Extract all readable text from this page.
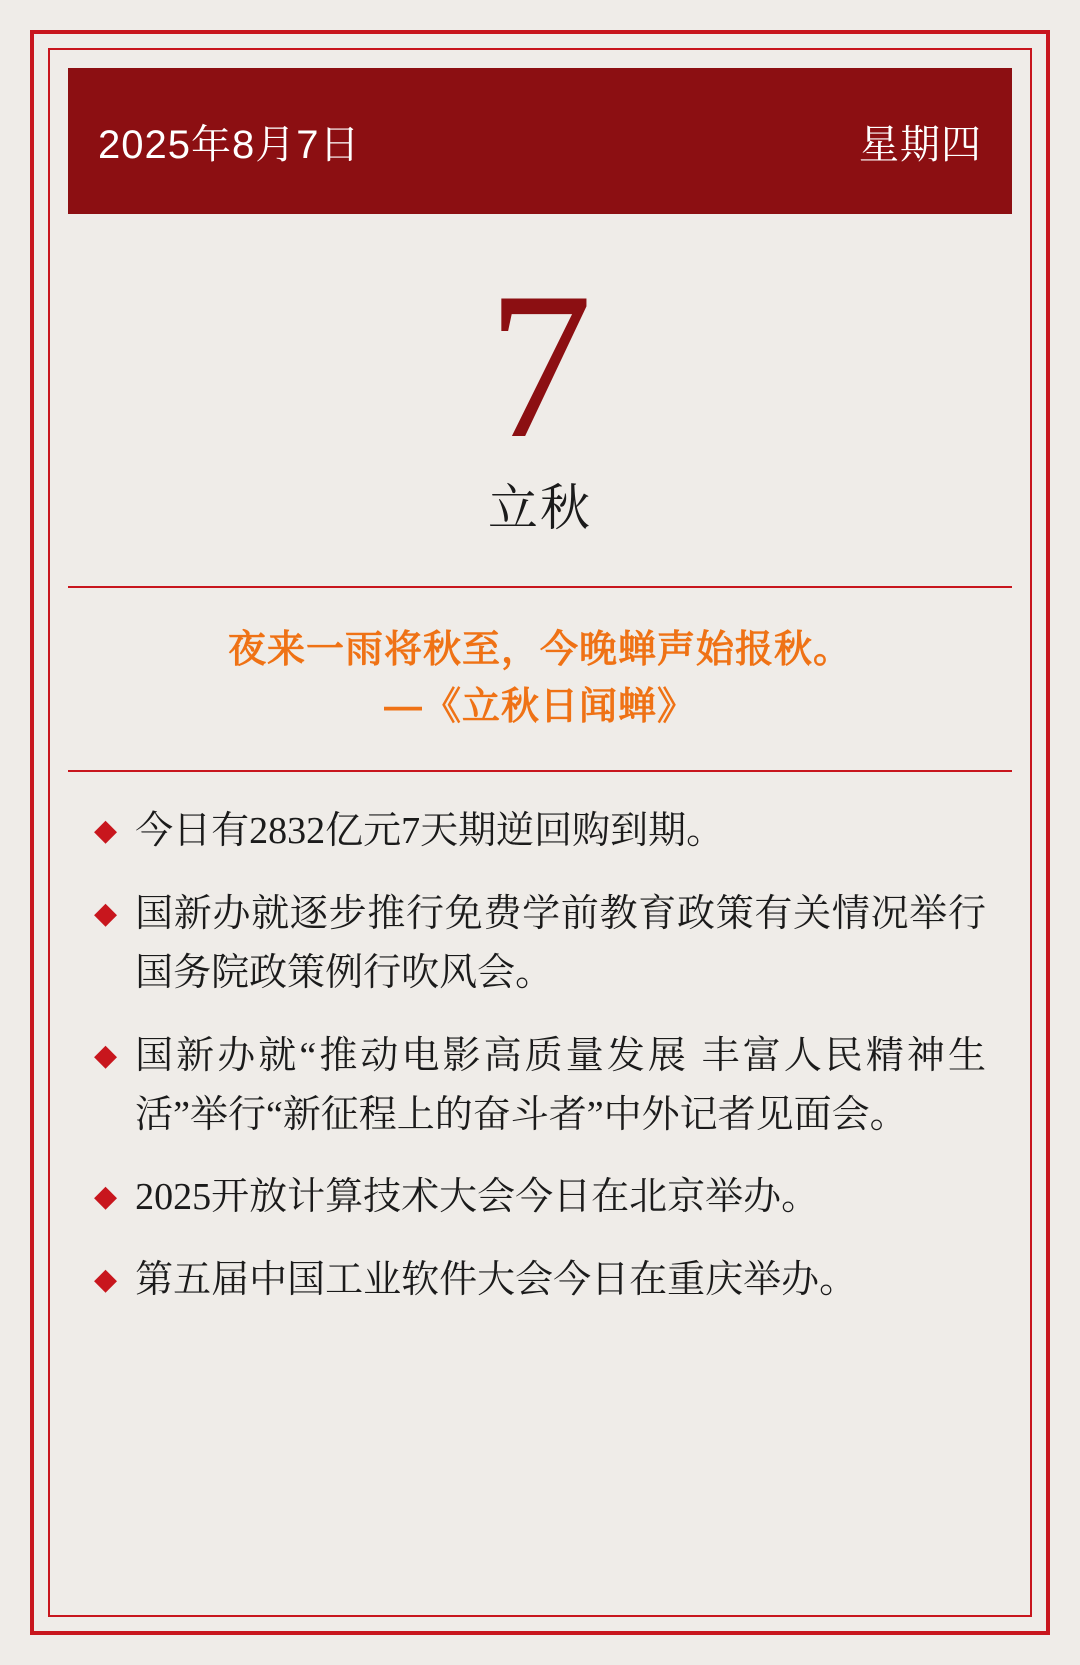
2025年8月7日	星期四
7
立秋
夜来一雨将秋至，今晚蝉声始报秋。
—《立秋日闻蝉》
◆ 今日有2832亿元7天期逆回购到期。
◆ 国新办就逐步推行免费学前教育政策有关情况举行国务院政策例行吹风会。
◆ 国新办就“推动电影高质量发展 丰富人民精神生活”举行“新征程上的奋斗者”中外记者见面会。
◆ 2025开放计算技术大会今日在北京举办。
◆ 第五届中国工业软件大会今日在重庆举办。
